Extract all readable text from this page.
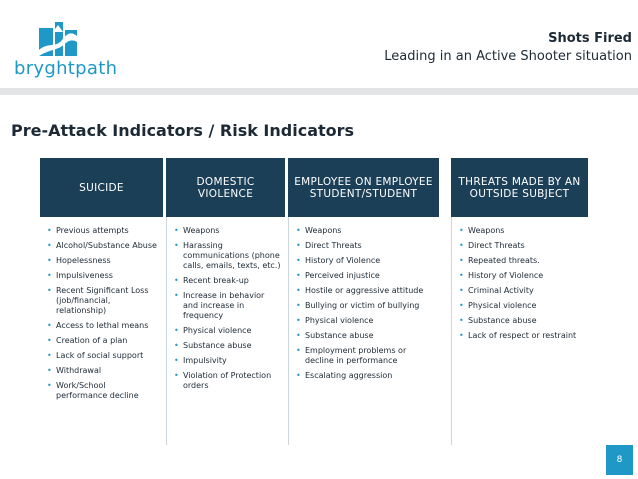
bryghtpath
Shots Fired
Leading in an Active Shooter situation
Pre-Attack Indicators / Risk Indicators
SUICIDE
• Previous attempts
• Alcohol/Substance Abuse
• Hopelessness
• Impulsiveness
• Recent Significant Loss (job/financial, relationship)
• Access to lethal means
• Creation of a plan
• Lack of social support
• Withdrawal
• Work/School performance decline
DOMESTIC VIOLENCE
• Weapons
• Harassing communications (phone calls, emails, texts, etc.)
• Recent break-up
• Increase in behavior and increase in frequency
• Physical violence
• Substance abuse
• Impulsivity
• Violation of Protection orders
EMPLOYEE ON EMPLOYEE STUDENT/STUDENT
• Weapons
• Direct Threats
• History of Violence
• Perceived injustice
• Hostile or aggressive attitude
• Bullying or victim of bullying
• Physical violence
• Substance abuse
• Employment problems or decline in performance
• Escalating aggression
THREATS MADE BY AN OUTSIDE SUBJECT
• Weapons
• Direct Threats
• Repeated threats.
• History of Violence
• Criminal Activity
• Physical violence
• Substance abuse
• Lack of respect or restraint
8
